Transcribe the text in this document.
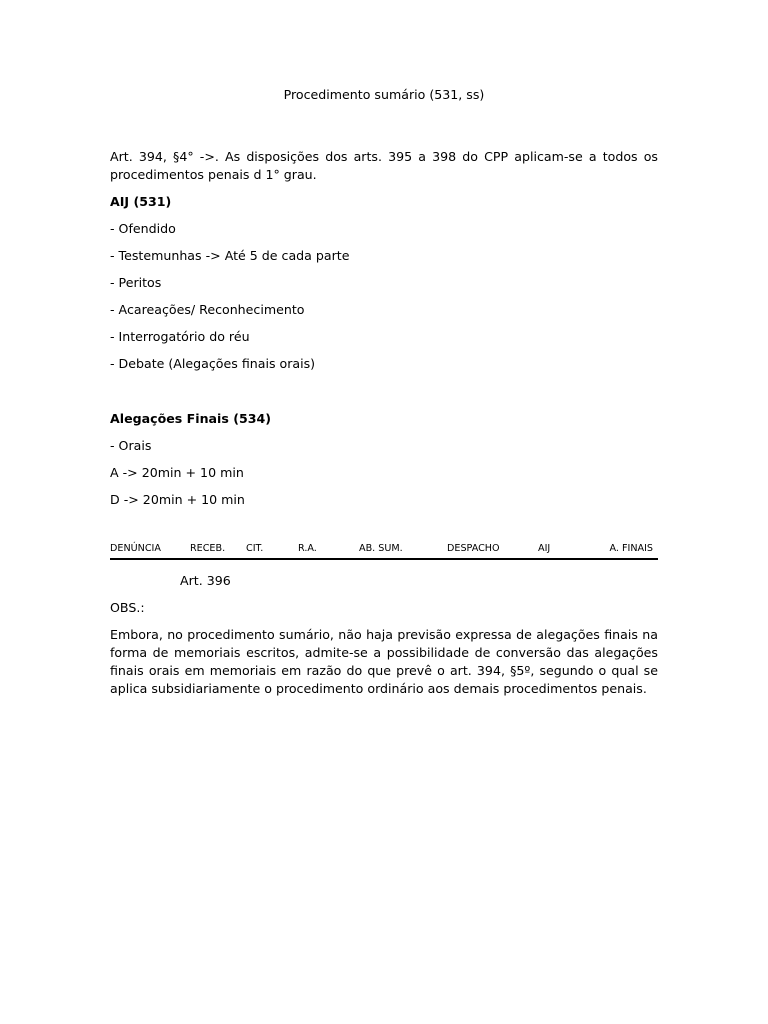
Procedimento sumário (531, ss)

Art. 394, §4° ->. As disposições dos arts. 395 a 398 do CPP aplicam-se a todos os procedimentos penais d 1° grau.

AIJ (531)

- Ofendido

- Testemunhas -> Até 5 de cada parte

- Peritos

- Acareações/ Reconhecimento

- Interrogatório do réu

- Debate (Alegações finais orais)

Alegações Finais (534)

- Orais

A -> 20min + 10 min

D -> 20min + 10 min

DENÚNCIA	RECEB. CIT.	R.A.	AB. SUM.	DESPACHO	AIJ	A. FINAIS

Art. 396

OBS.:

Embora, no procedimento sumário, não haja previsão expressa de alegações finais na forma de memoriais escritos, admite-se a possibilidade de conversão das alegações finais orais em memoriais em razão do que prevê o art. 394, §5º, segundo o qual se aplica subsidiariamente o procedimento ordinário aos demais procedimentos penais.
